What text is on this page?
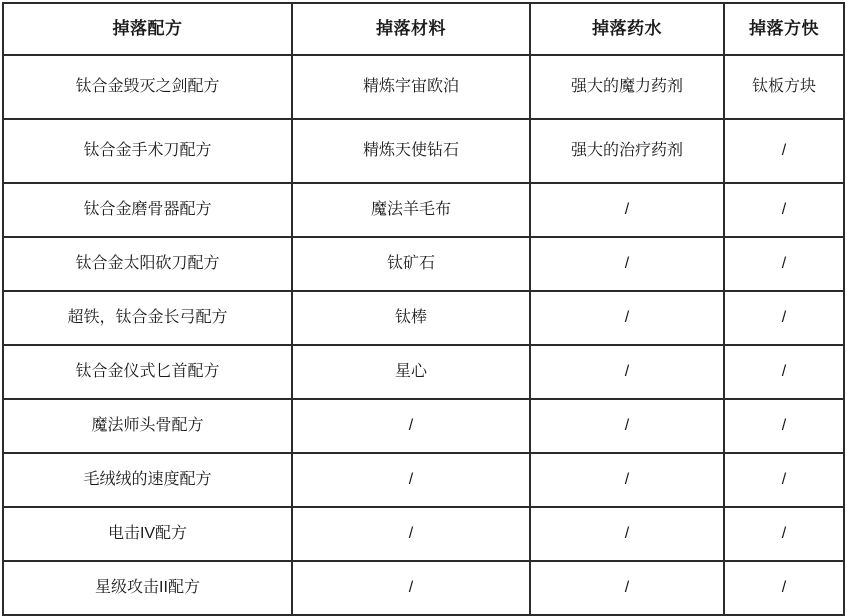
掉落配方	掉落材料	掉落药水	掉落方快
钛合金毁灭之剑配方	精炼宇宙欧泊	强大的魔力药剂	钛板方块
钛合金手术刀配方	精炼天使钻石	强大的治疗药剂	/
钛合金磨骨器配方	魔法羊毛布	/	/
钛合金太阳砍刀配方	钛矿石	/	/
超铁，钛合金长弓配方	钛棒	/	/
钛合金仪式匕首配方	星心	/	/
魔法师头骨配方	/	/	/
毛绒绒的速度配方	/	/	/
电击IV配方	/	/	/
星级攻击II配方	/	/	/
